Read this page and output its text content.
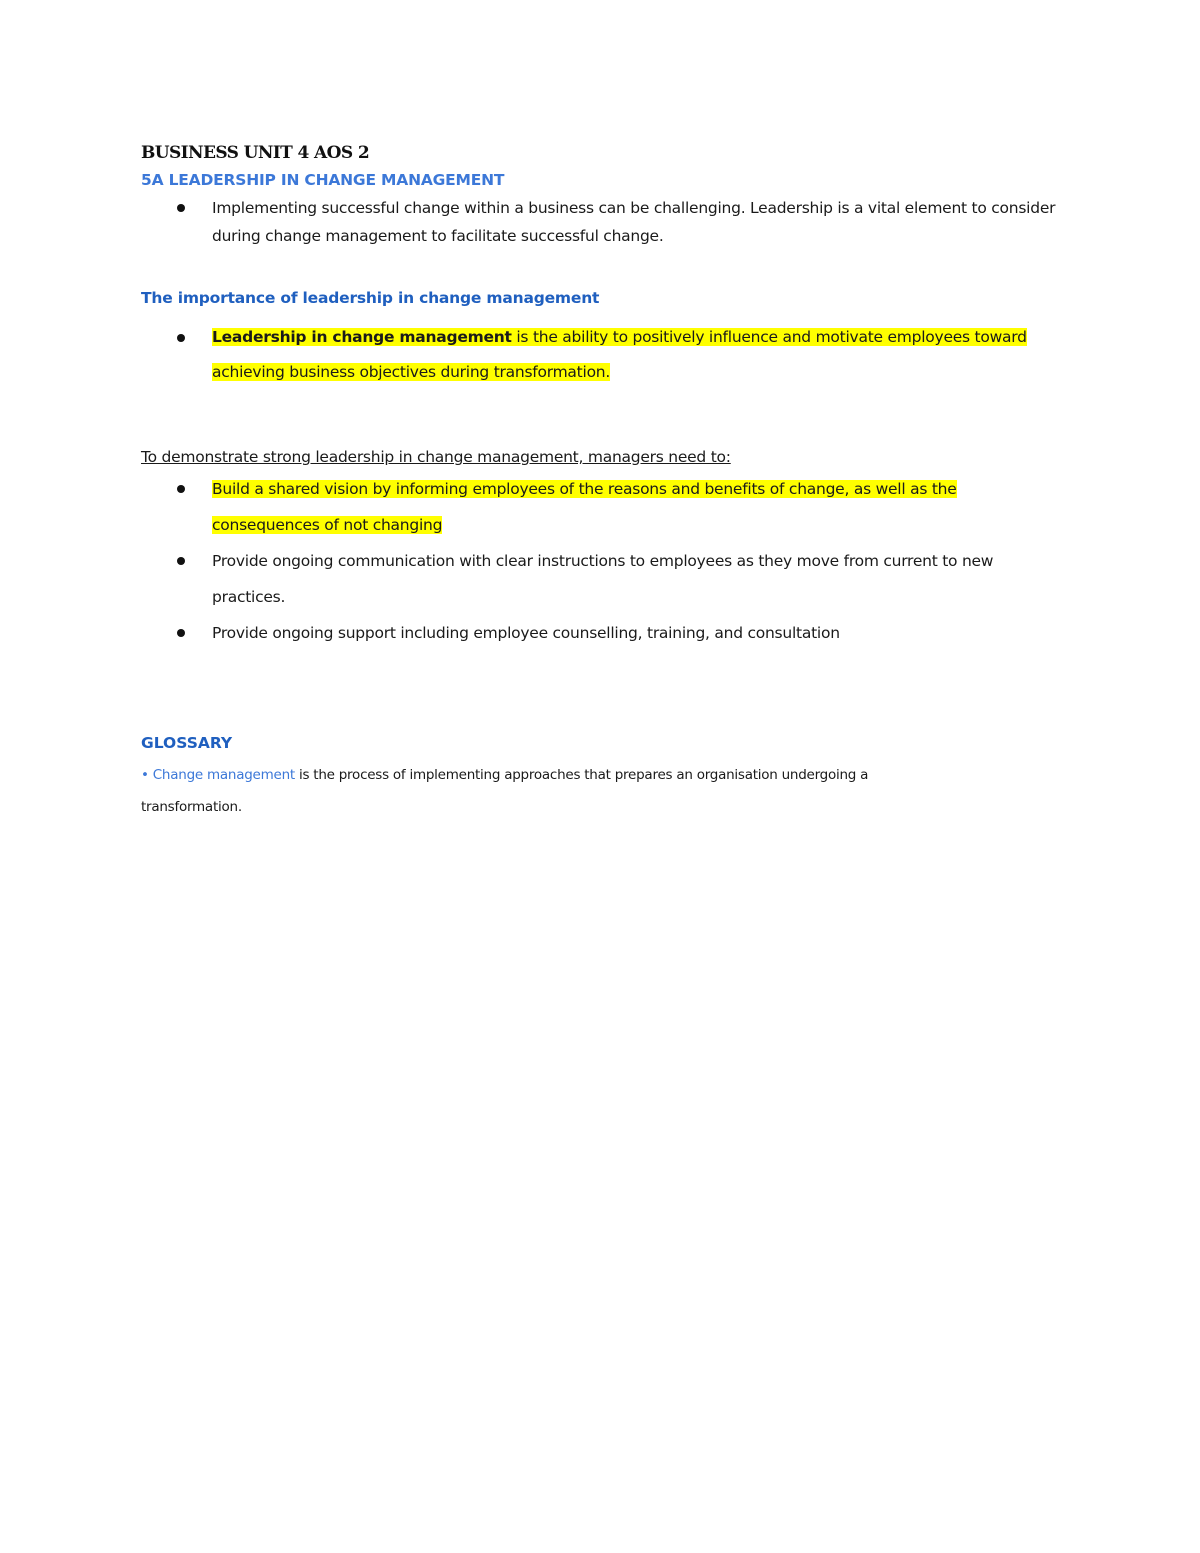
BUSINESS UNIT 4 AOS 2
5A LEADERSHIP IN CHANGE MANAGEMENT
Implementing successful change within a business can be challenging. Leadership is a vital element to consider during change management to facilitate successful change.
The importance of leadership in change management
Leadership in change management is the ability to positively influence and motivate employees toward achieving business objectives during transformation.

To demonstrate strong leadership in change management, managers need to:

Build a shared vision by informing employees of the reasons and benefits of change, as well as the consequences of not changing
Provide ongoing communication with clear instructions to employees as they move from current to new practices.
Provide ongoing support including employee counselling, training, and consultation
GLOSSARY

• Change management is the process of implementing approaches that prepares an organisation undergoing a transformation.
